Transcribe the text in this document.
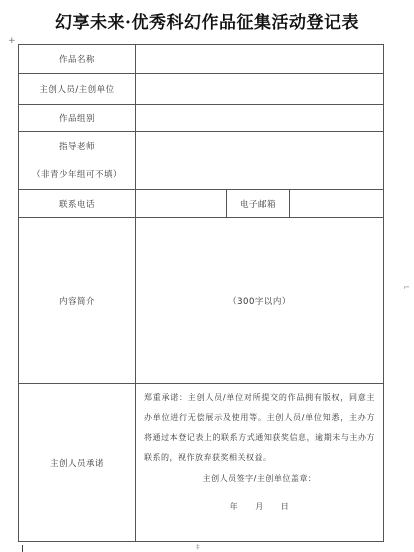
幻享未来·优秀科幻作品征集活动登记表
+
⌐
‡
作品名称			
主创人员/主创单位			
作品组别			

指导老师
（非青少年组可不填）			

联系电话		电子邮箱	
内容简介	（300字以内）		
主创人员承诺	郑重承诺：主创人员/单位对所提交的作品拥有版权，同意主办单位进行无偿展示及使用等。主创人员/单位知悉，主办方将通过本登记表上的联系方式通知获奖信息，逾期未与主办方联系的，视作放弃获奖相关权益。
主创人员签字/主创单位盖章：
年　　月　　日		
